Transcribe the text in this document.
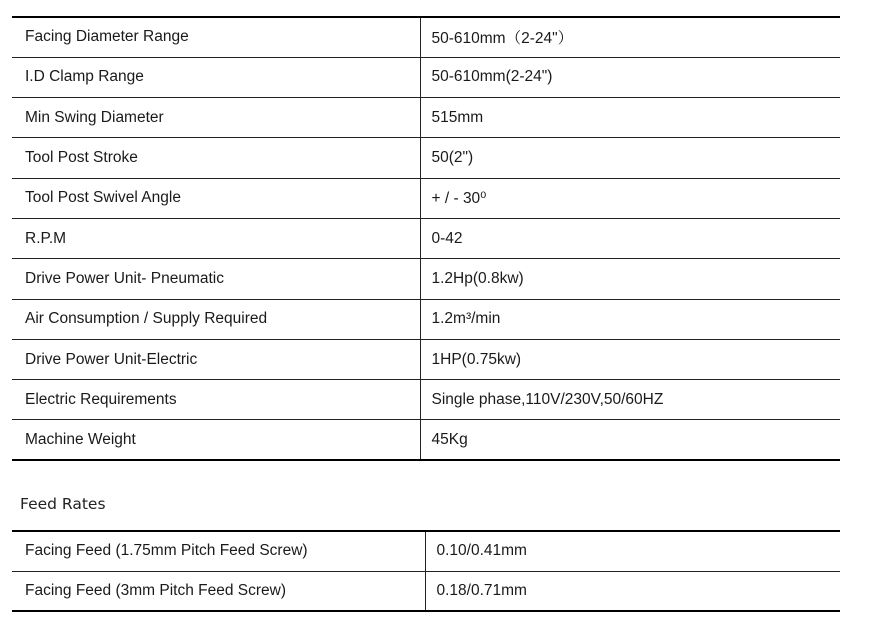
Facing Diameter Range	50-610mm（2-24"）
I.D Clamp Range	50-610mm(2-24")
Min Swing Diameter	515mm
Tool Post Stroke	50(2")
Tool Post Swivel Angle	+ / - 30⁰
R.P.M	0-42
Drive Power Unit- Pneumatic	1.2Hp(0.8kw)
Air Consumption / Supply Required	1.2m³/min
Drive Power Unit-Electric	1HP(0.75kw)
Electric Requirements	Single phase,110V/230V,50/60HZ
Machine Weight	45Kg
Feed Rates
Facing Feed (1.75mm Pitch Feed Screw)	0.10/0.41mm
Facing Feed (3mm Pitch Feed Screw)	0.18/0.71mm
